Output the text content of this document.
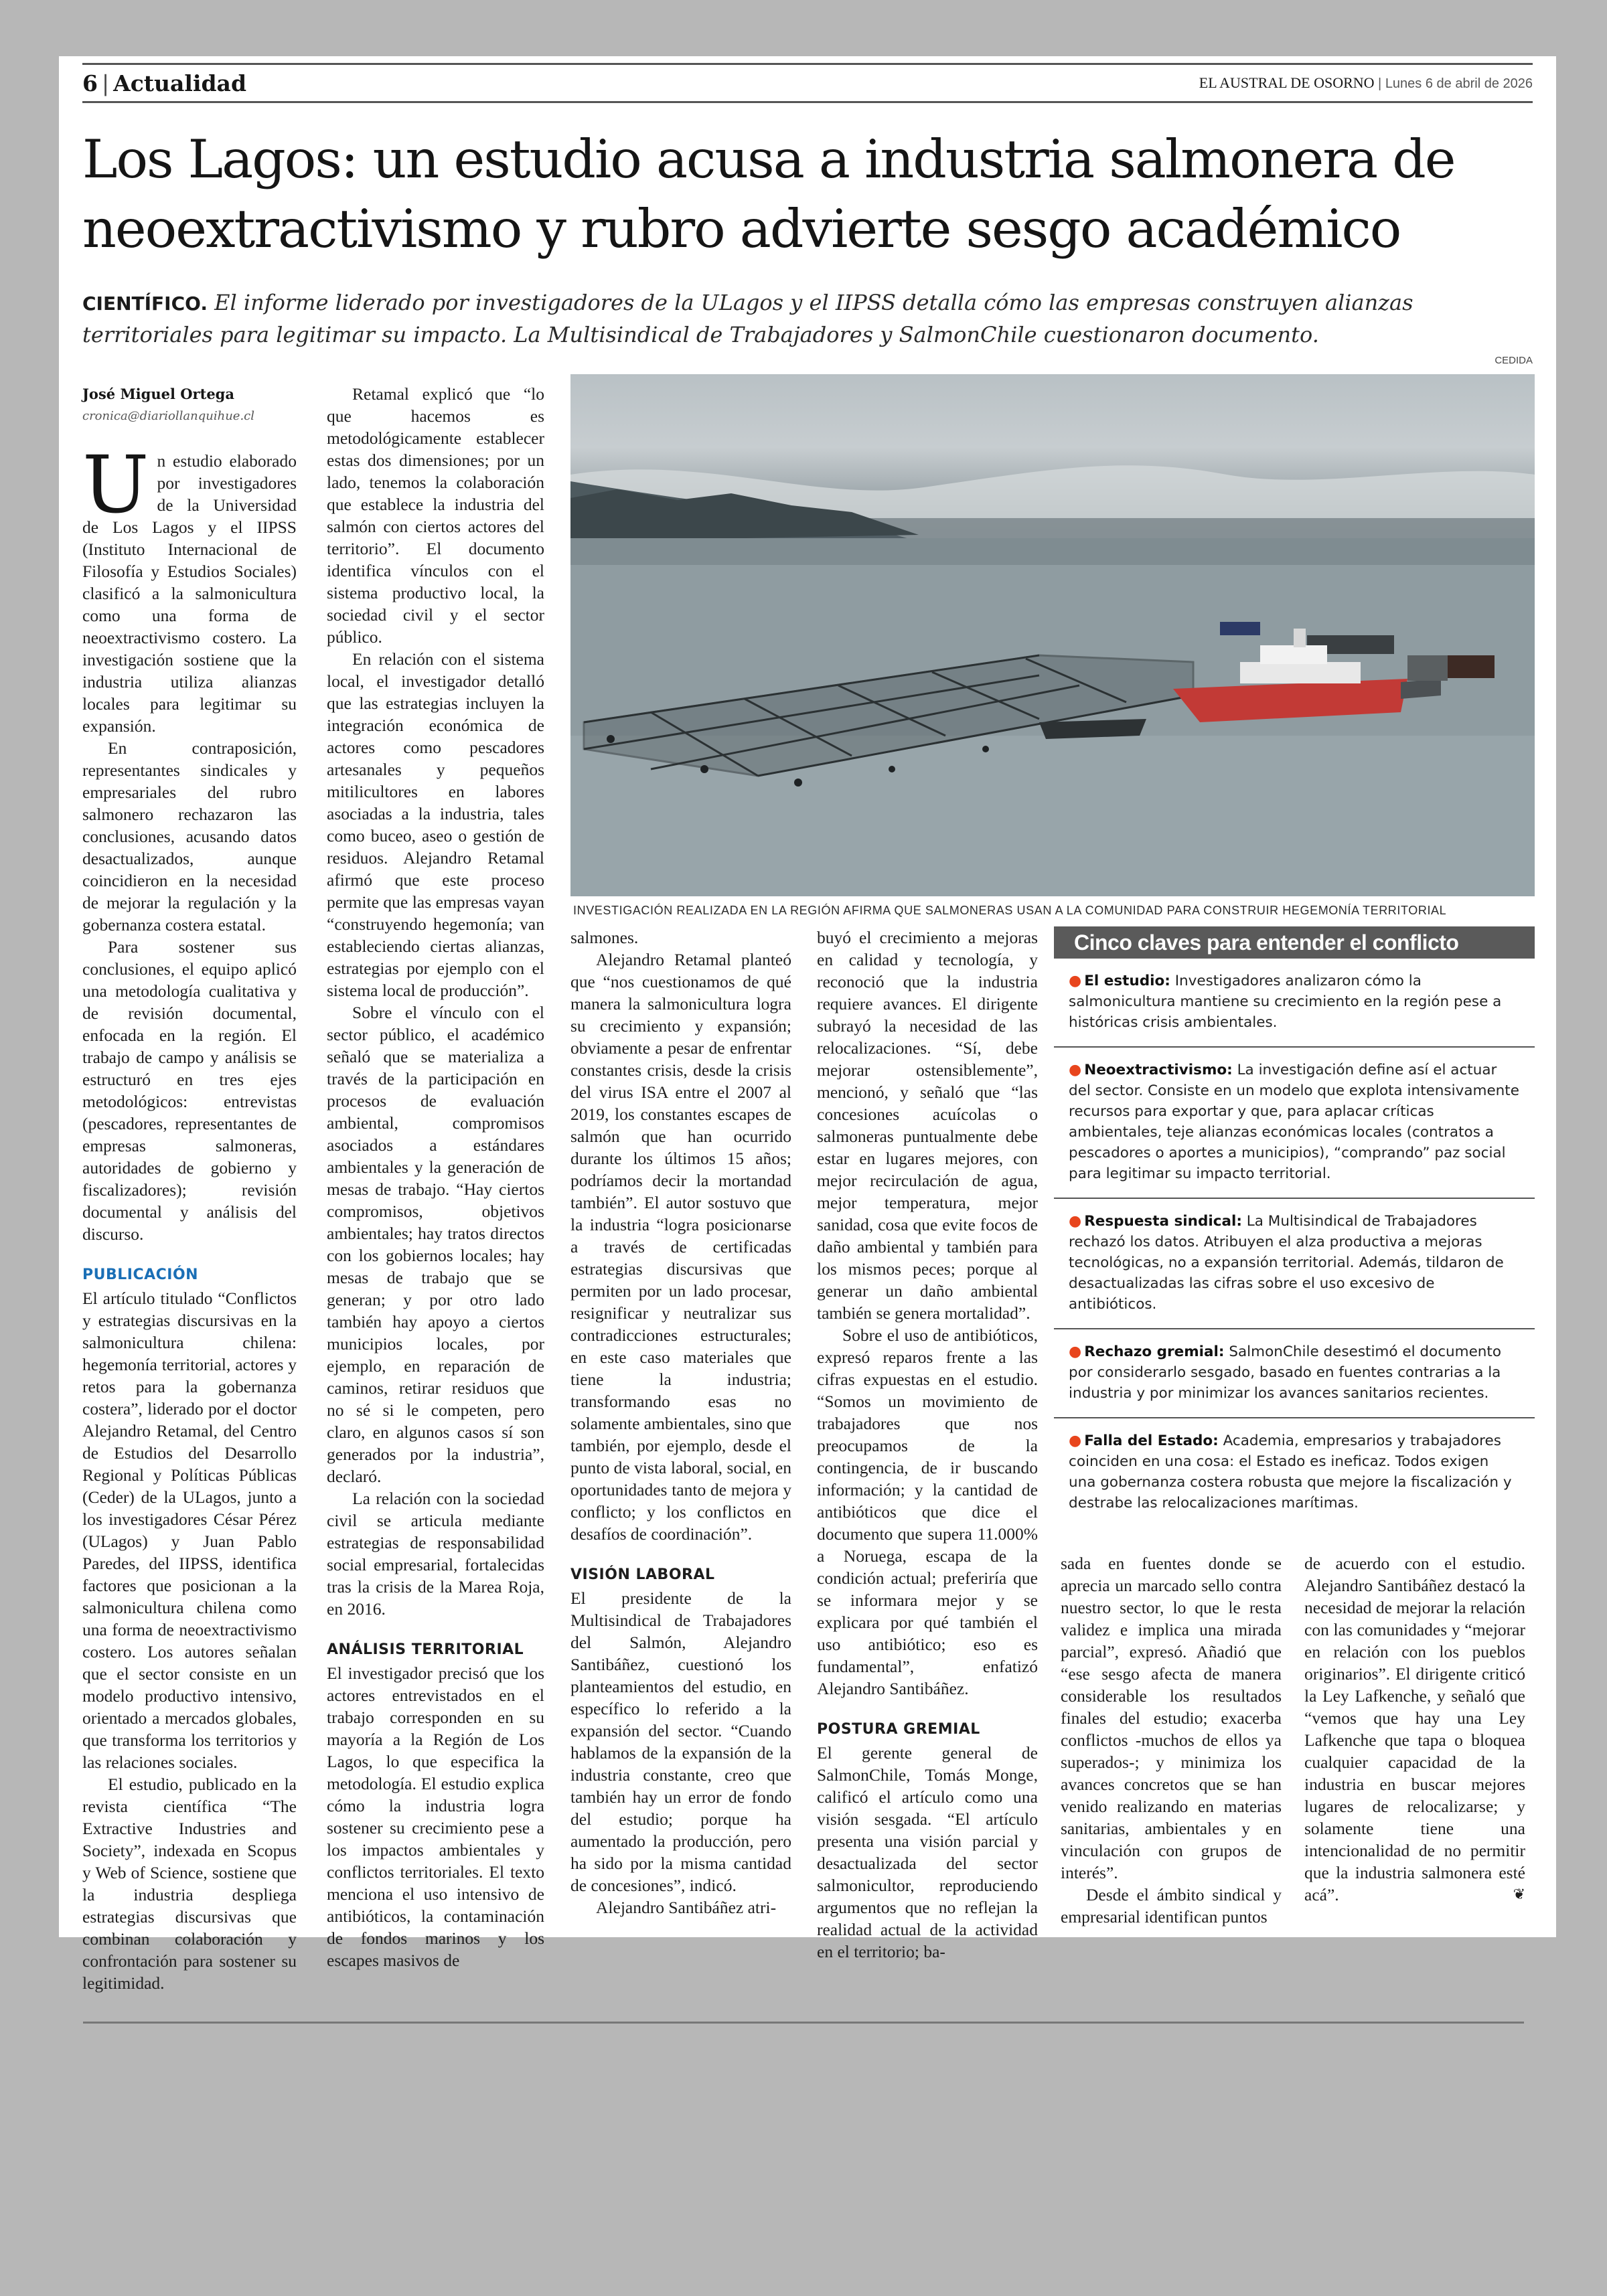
6 | Actualidad	EL AUSTRAL DE OSORNO | Lunes 6 de abril de 2026
Los Lagos: un estudio acusa a industria salmonera de neoextractivismo y rubro advierte sesgo académico
CIENTÍFICO. El informe liderado por investigadores de la ULagos y el IIPSS detalla cómo las empresas construyen alianzas territoriales para legitimar su impacto. La Multisindical de Trabajadores y SalmonChile cuestionaron documento.
CEDIDA
José Miguel Ortega
cronica@diariollanquihue.cl

Un estudio elaborado por investigadores de la Universidad de Los Lagos y el IIPSS (Instituto Internacional de Filosofía y Estudios Sociales) clasificó a la salmonicultura como una forma de neoextractivismo costero. La investigación sostiene que la industria utiliza alianzas locales para legitimar su expansión.

En contraposición, representantes sindicales y empresariales del rubro salmonero rechazaron las conclusiones, acusando datos desactualizados, aunque coincidieron en la necesidad de mejorar la regulación y la gobernanza costera estatal.

Para sostener sus conclusiones, el equipo aplicó una metodología cualitativa y de revisión documental, enfocada en la región. El trabajo de campo y análisis se estructuró en tres ejes metodológicos: entrevistas (pescadores, representantes de empresas salmoneras, autoridades de gobierno y fiscalizadores); revisión documental y análisis del discurso.

PUBLICACIÓN

El artículo titulado “Conflictos y estrategias discursivas en la salmonicultura chilena: hegemonía territorial, actores y retos para la gobernanza costera”, liderado por el doctor Alejandro Retamal, del Centro de Estudios del Desarrollo Regional y Políticas Públicas (Ceder) de la ULagos, junto a los investigadores César Pérez (ULagos) y Juan Pablo Paredes, del IIPSS, identifica factores que posicionan a la salmonicultura chilena como una forma de neoextractivismo costero. Los autores señalan que el sector consiste en un modelo productivo intensivo, orientado a mercados globales, que transforma los territorios y las relaciones sociales.

El estudio, publicado en la revista científica “The Extractive Industries and Society”, indexada en Scopus y Web of Science, sostiene que la industria despliega estrategias discursivas que combinan colaboración y confrontación para sostener su legitimidad.

Retamal explicó que “lo que hacemos es metodológicamente establecer estas dos dimensiones; por un lado, tenemos la colaboración que establece la industria del salmón con ciertos actores del territorio”. El documento identifica vínculos con el sistema productivo local, la sociedad civil y el sector público.

En relación con el sistema local, el investigador detalló que las estrategias incluyen la integración económica de actores como pescadores artesanales y pequeños mitilicultores en labores asociadas a la industria, tales como buceo, aseo o gestión de residuos. Alejandro Retamal afirmó que este proceso permite que las empresas vayan “construyendo hegemonía; van estableciendo ciertas alianzas, estrategias por ejemplo con el sistema local de producción”.

Sobre el vínculo con el sector público, el académico señaló que se materializa a través de la participación en procesos de evaluación ambiental, compromisos asociados a estándares ambientales y la generación de mesas de trabajo. “Hay ciertos compromisos, objetivos ambientales; hay tratos directos con los gobiernos locales; hay mesas de trabajo que se generan; y por otro lado también hay apoyo a ciertos municipios locales, por ejemplo, en reparación de caminos, retirar residuos que no sé si le competen, pero claro, en algunos casos sí son generados por la industria”, declaró.

La relación con la sociedad civil se articula mediante estrategias de responsabilidad social empresarial, fortalecidas tras la crisis de la Marea Roja, en 2016.

ANÁLISIS TERRITORIAL

El investigador precisó que los actores entrevistados en el trabajo corresponden en su mayoría a la Región de Los Lagos, lo que especifica la metodología. El estudio explica cómo la industria logra sostener su crecimiento pese a los impactos ambientales y conflictos territoriales. El texto menciona el uso intensivo de antibióticos, la contaminación de fondos marinos y los escapes masivos de

INVESTIGACIÓN REALIZADA EN LA REGIÓN AFIRMA QUE SALMONERAS USAN A LA COMUNIDAD PARA CONSTRUIR HEGEMONÍA TERRITORIAL

salmones.

Alejandro Retamal planteó que “nos cuestionamos de qué manera la salmonicultura logra su crecimiento y expansión; obviamente a pesar de enfrentar constantes crisis, desde la crisis del virus ISA entre el 2007 al 2019, los constantes escapes de salmón que han ocurrido durante los últimos 15 años; podríamos decir la mortandad también”. El autor sostuvo que la industria “logra posicionarse a través de certificadas estrategias discursivas que permiten por un lado procesar, resignificar y neutralizar sus contradicciones estructurales; en este caso materiales que tiene la industria; transformando esas no solamente ambientales, sino que también, por ejemplo, desde el punto de vista laboral, social, en oportunidades tanto de mejora y conflicto; y los conflictos en desafíos de coordinación”.

VISIÓN LABORAL

El presidente de la Multisindical de Trabajadores del Salmón, Alejandro Santibáñez, cuestionó los planteamientos del estudio, en específico lo referido a la expansión del sector. “Cuando hablamos de la expansión de la industria constante, creo que también hay un error de fondo del estudio; porque ha aumentado la producción, pero ha sido por la misma cantidad de concesiones”, indicó.

Alejandro Santibáñez atri-

buyó el crecimiento a mejoras en calidad y tecnología, y reconoció que la industria requiere avances. El dirigente subrayó la necesidad de las relocalizaciones. “Sí, debe mejorar ostensiblemente”, mencionó, y señaló que “las concesiones acuícolas o salmoneras puntualmente debe estar en lugares mejores, con mejor recirculación de agua, mejor temperatura, mejor sanidad, cosa que evite focos de daño ambiental y también para los mismos peces; porque al generar un daño ambiental también se genera mortalidad”.

Sobre el uso de antibióticos, expresó reparos frente a las cifras expuestas en el estudio. “Somos un movimiento de trabajadores que nos preocupamos de la contingencia, de ir buscando información; y la cantidad de antibióticos que dice el documento que supera 11.000% a Noruega, escapa de la condición actual; preferiría que se informara mejor y se explicara por qué también el uso antibiótico; eso es fundamental”, enfatizó Alejandro Santibáñez.

POSTURA GREMIAL

El gerente general de SalmonChile, Tomás Monge, calificó el artículo como una visión sesgada. “El artículo presenta una visión parcial y desactualizada del sector salmonicultor, reproduciendo argumentos que no reflejan la realidad actual de la actividad en el territorio; ba-

Cinco claves para entender el conflicto
● El estudio: Investigadores analizaron cómo la salmonicultura mantiene su crecimiento en la región pese a históricas crisis ambientales.
● Neoextractivismo: La investigación define así el actuar del sector. Consiste en un modelo que explota intensivamente recursos para exportar y que, para aplacar críticas ambientales, teje alianzas económicas locales (contratos a pescadores o aportes a municipios), “comprando” paz social para legitimar su impacto territorial.
● Respuesta sindical: La Multisindical de Trabajadores rechazó los datos. Atribuyen el alza productiva a mejoras tecnológicas, no a expansión territorial. Además, tildaron de desactualizadas las cifras sobre el uso excesivo de antibióticos.
● Rechazo gremial: SalmonChile desestimó el documento por considerarlo sesgado, basado en fuentes contrarias a la industria y por minimizar los avances sanitarios recientes.
● Falla del Estado: Academia, empresarios y trabajadores coinciden en una cosa: el Estado es ineficaz. Todos exigen una gobernanza costera robusta que mejore la fiscalización y destrabe las relocalizaciones marítimas.

sada en fuentes donde se aprecia un marcado sello contra nuestro sector, lo que le resta validez e implica una mirada parcial”, expresó. Añadió que “ese sesgo afecta de manera considerable los resultados finales del estudio; exacerba conflictos -muchos de ellos ya superados-; y minimiza los avances concretos que se han venido realizando en materias sanitarias, ambientales y en vinculación con grupos de interés”.

Desde el ámbito sindical y empresarial identifican puntos

de acuerdo con el estudio. Alejandro Santibáñez destacó la necesidad de mejorar la relación con las comunidades y “mejorar en relación con los pueblos originarios”. El dirigente criticó la Ley Lafkenche, y señaló que “vemos que hay una Ley Lafkenche que tapa o bloquea cualquier capacidad de la industria en buscar mejores lugares de relocalizarse; y solamente tiene una intencionalidad de no permitir que la industria salmonera esté acá”.	❦
